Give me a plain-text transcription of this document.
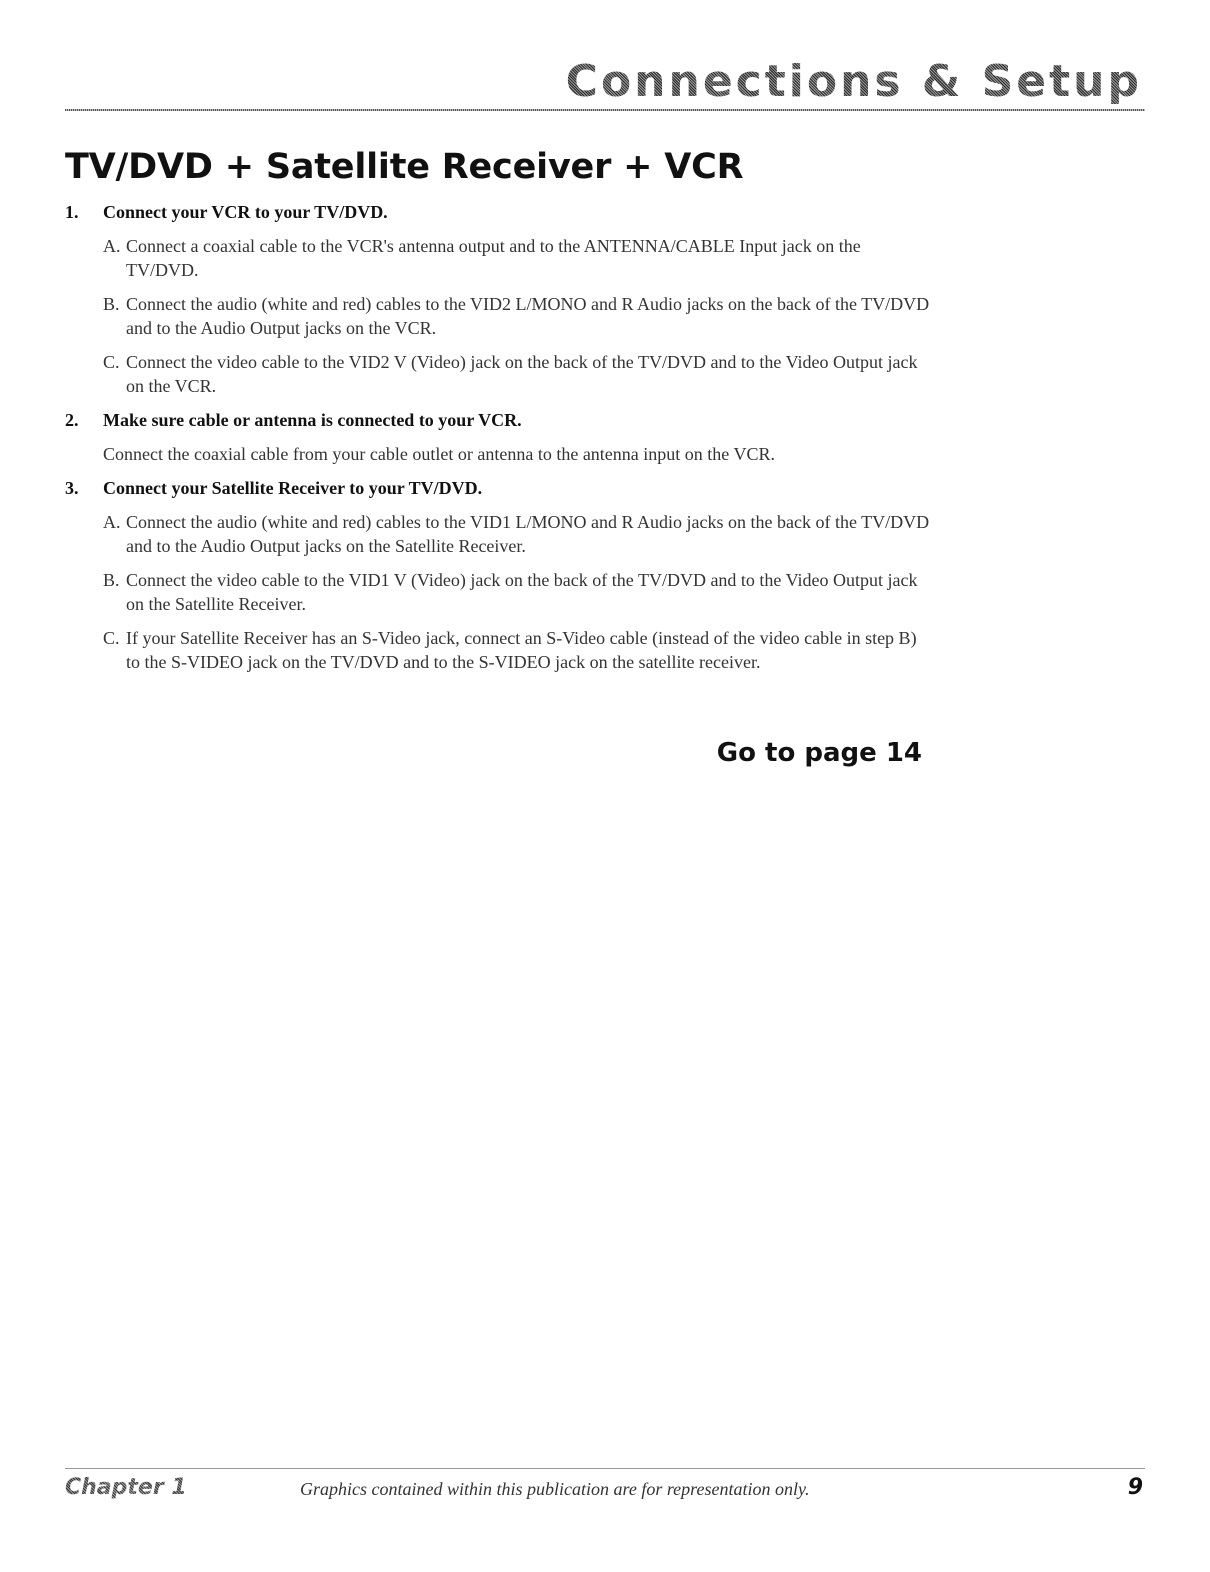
Connections & Setup
TV/DVD + Satellite Receiver + VCR
1.	Connect your VCR to your TV/DVD.
A. Connect a coaxial cable to the VCR's antenna output and to the ANTENNA/CABLE Input jack on the TV/DVD.
B. Connect the audio (white and red) cables to the VID2 L/MONO and R Audio jacks on the back of the TV/DVD and to the Audio Output jacks on the VCR.
C. Connect the video cable to the VID2 V (Video) jack on the back of the TV/DVD and to the Video Output jack on the VCR.
2.	Make sure cable or antenna is connected to your VCR.
Connect the coaxial cable from your cable outlet or antenna to the antenna input on the VCR.
3.	Connect your Satellite Receiver to your TV/DVD.
A. Connect the audio (white and red) cables to the VID1 L/MONO and R Audio jacks on the back of the TV/DVD and to the Audio Output jacks on the Satellite Receiver.
B. Connect the video cable to the VID1 V (Video) jack on the back of the TV/DVD and to the Video Output jack on the Satellite Receiver.
C. If your Satellite Receiver has an S-Video jack, connect an S-Video cable (instead of the video cable in step B) to the S-VIDEO jack on the TV/DVD and to the S-VIDEO jack on the satellite receiver.
Go to page 14
Chapter 1	Graphics contained within this publication are for representation only.	9
